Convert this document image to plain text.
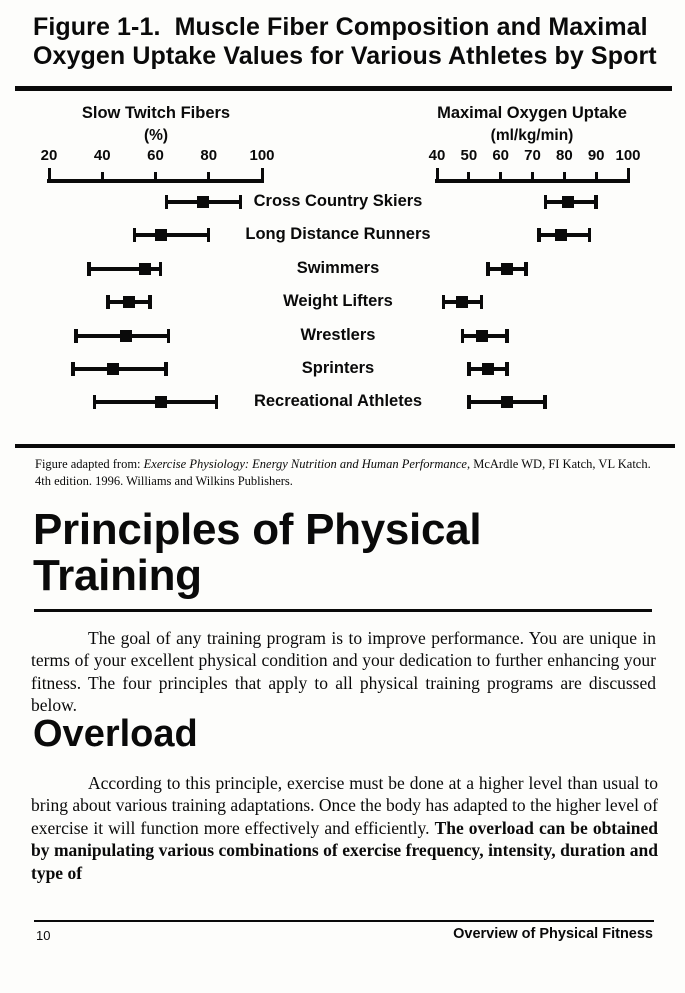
Figure 1-1.  Muscle Fiber Composition and Maximal
Oxygen Uptake Values for Various Athletes by Sport
Slow Twitch Fibers
(%)
Maximal Oxygen Uptake
(ml/kg/min)
20	40	60	80	100	40	50	60	70	80	90 100
Cross Country Skiers
Long Distance Runners
Swimmers
Weight Lifters
Wrestlers
Sprinters
Recreational Athletes
Figure adapted from: Exercise Physiology: Energy Nutrition and Human Performance, McArdle WD, FI Katch, VL Katch. 4th edition. 1996. Williams and Wilkins Publishers.
Principles of Physical
Training
The goal of any training program is to improve performance. You are unique in terms of your excellent physical condition and your dedication to further enhancing your fitness. The four principles that apply to all physical training programs are discussed below.
Overload
According to this principle, exercise must be done at a higher level than usual to bring about various training adaptations. Once the body has adapted to the higher level of exercise it will function more effectively and efficiently. The overload can be obtained by manipulating various combinations of exercise frequency, intensity, duration and type of
10	Overview of Physical Fitness
